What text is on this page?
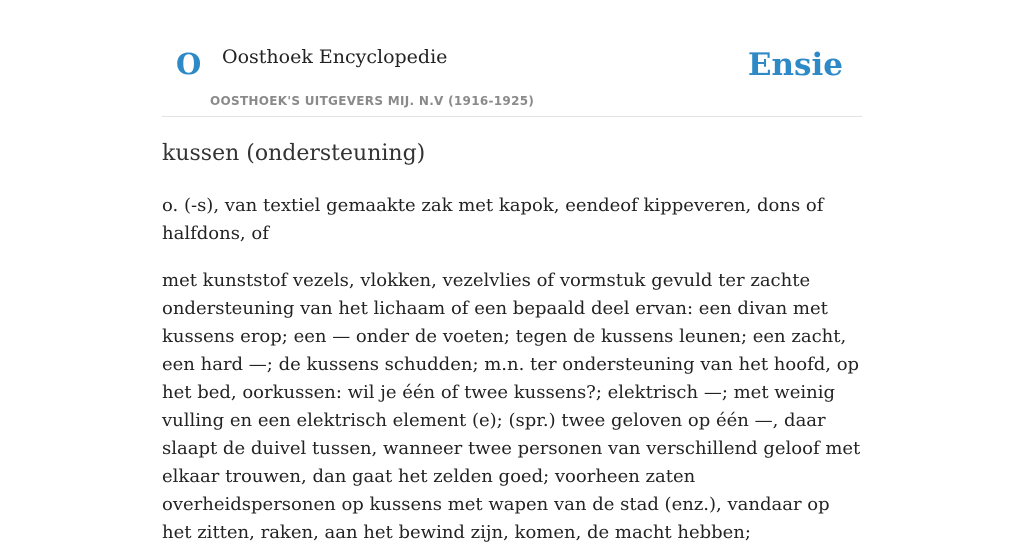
O Oosthoek Encyclopedie
OOSTHOEK'S UITGEVERS MIJ. N.V (1916-1925)
Ensie
kussen (ondersteuning)

o. (-s), van textiel gemaakte zak met kapok, eendeof kippeveren, dons of halfdons, of

met kunststof vezels, vlokken, vezelvlies of vormstuk gevuld ter zachte ondersteuning van het lichaam of een bepaald deel ervan: een divan met kussens erop; een — onder de voeten; tegen de kussens leunen; een zacht, een hard —; de kussens schudden; m.n. ter ondersteuning van het hoofd, op het bed, oorkussen: wil je één of twee kussens?; elektrisch —; met weinig vulling en een elektrisch element (e); (spr.) twee geloven op één —, daar slaapt de duivel tussen, wanneer twee personen van verschillend geloof met elkaar trouwen, dan gaat het zelden goed; voorheen zaten overheidspersonen op kussens met wapen van de stad (enz.), vandaar op het zitten, raken, aan het bewind zijn, komen, de macht hebben;
